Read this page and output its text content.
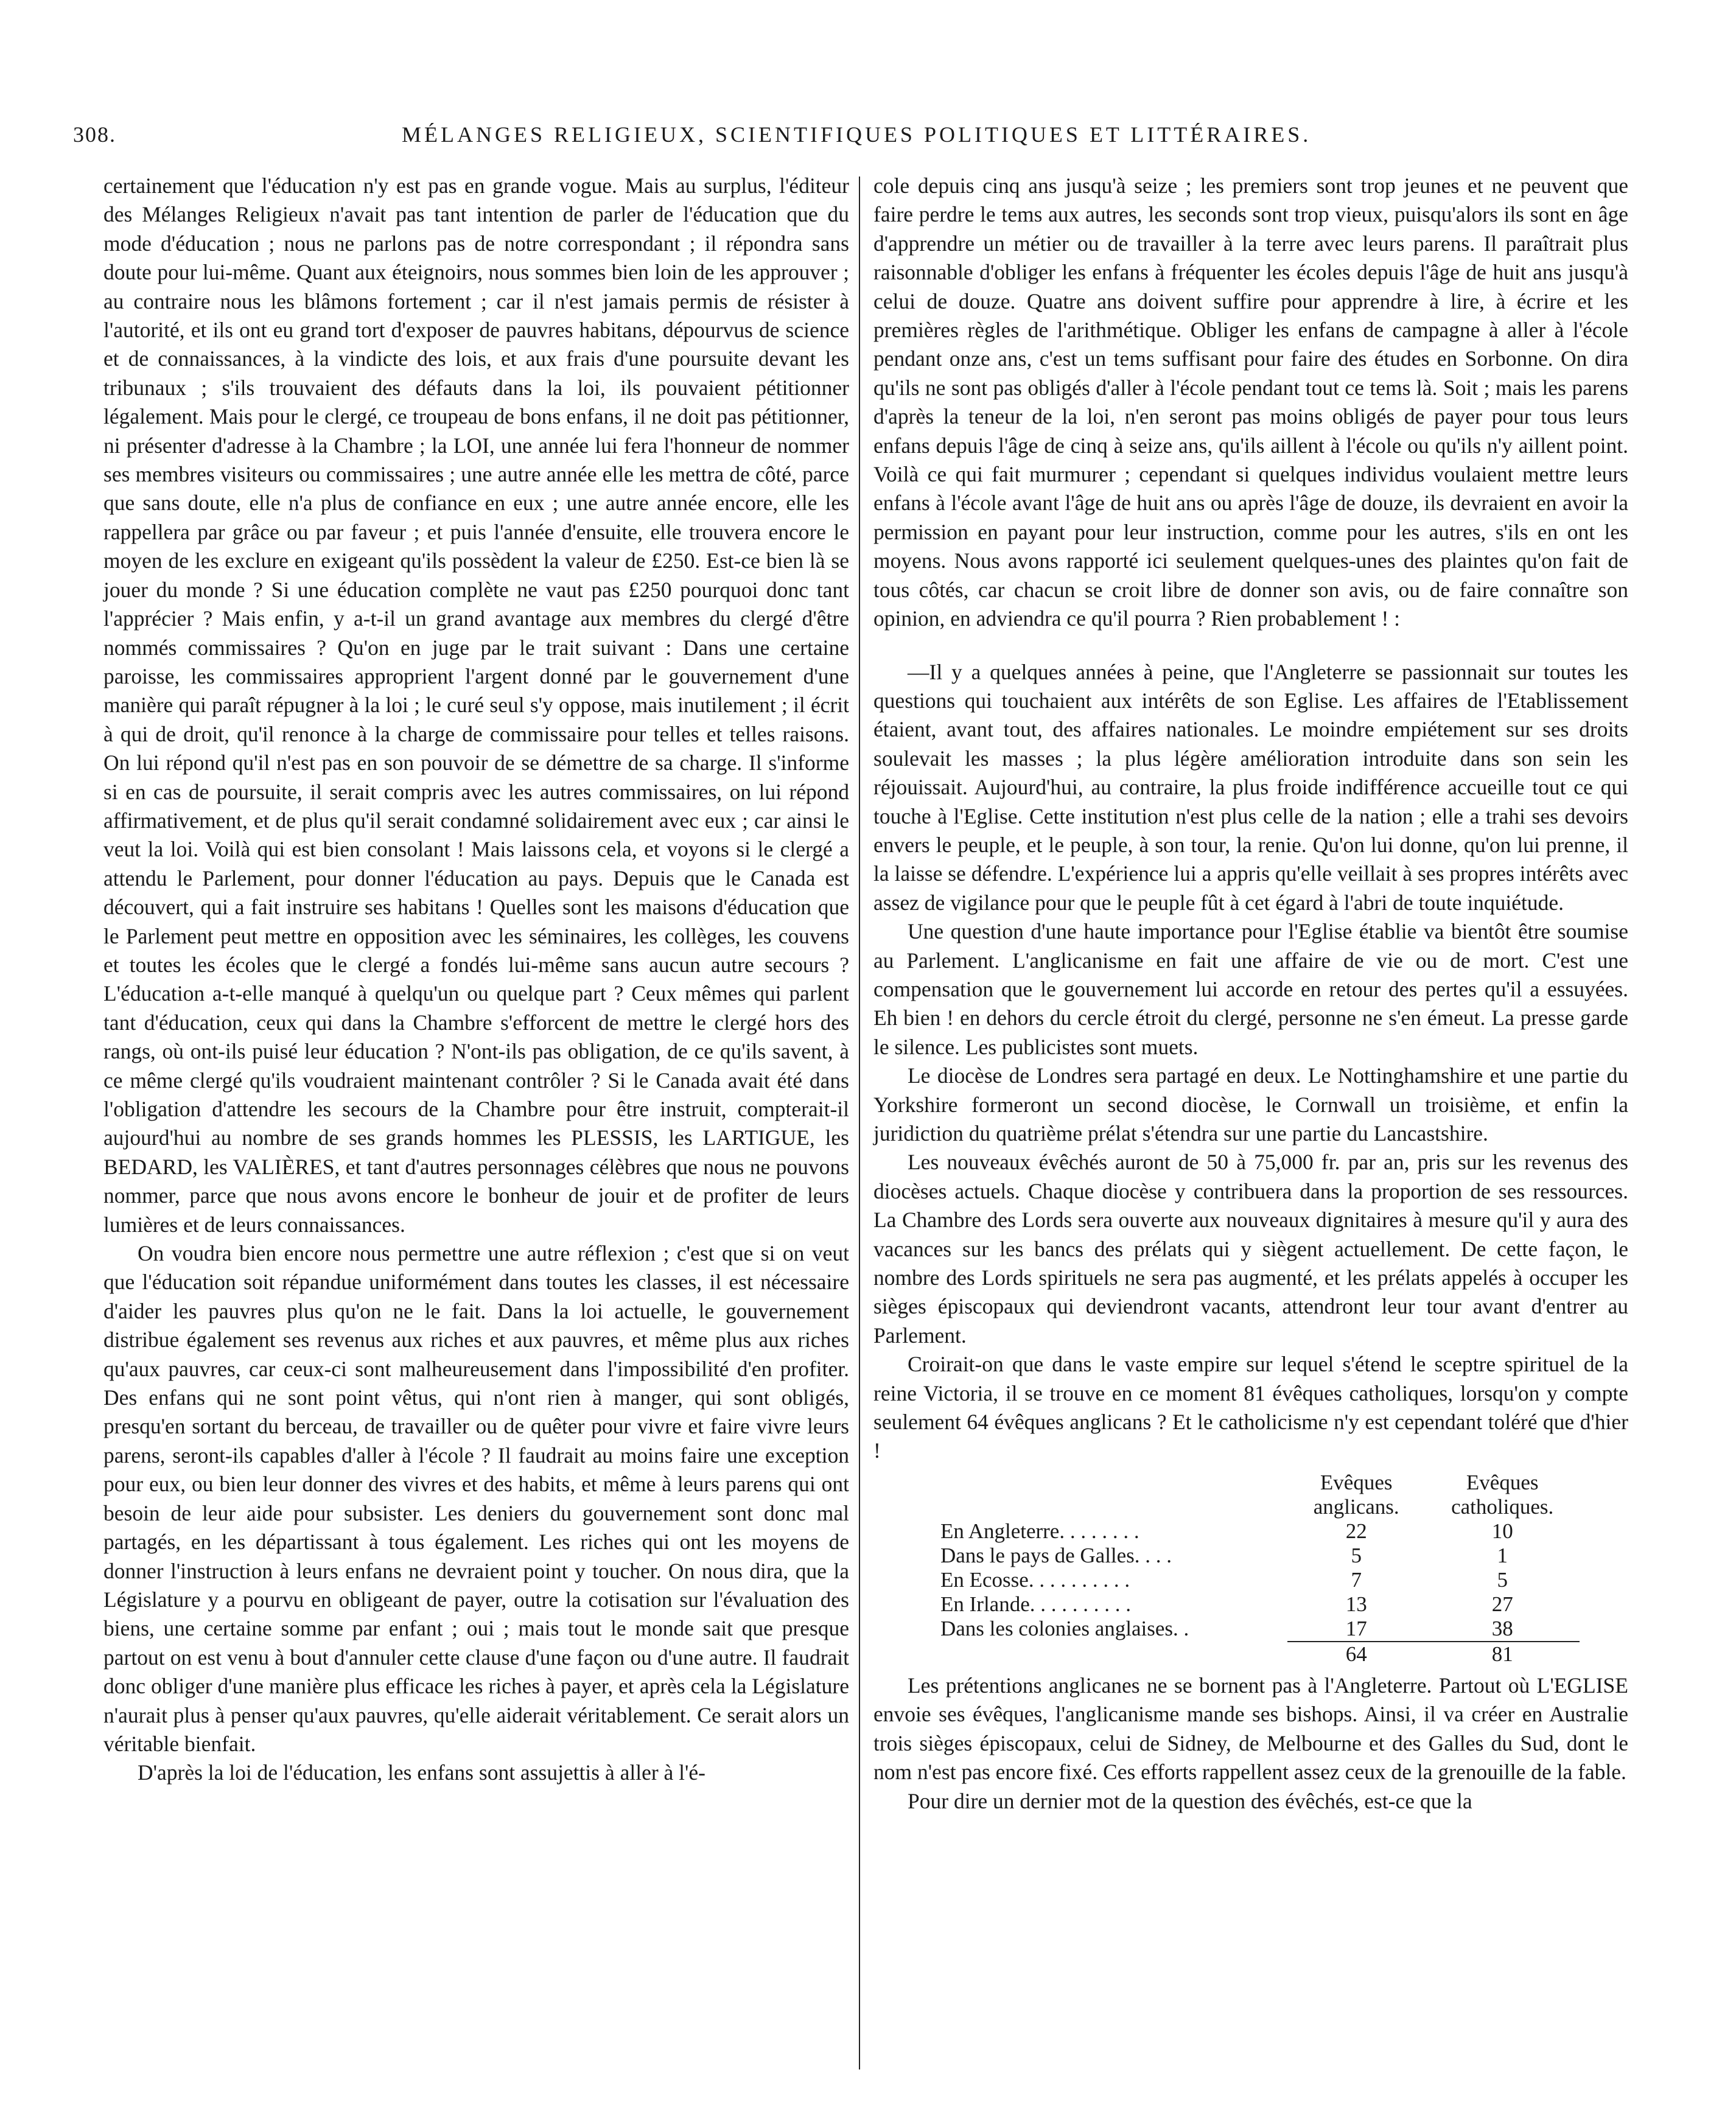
308.	MÉLANGES RELIGIEUX, SCIENTIFIQUES POLITIQUES ET LITTÉRAIRES.

certainement que l'éducation n'y est pas en grande vogue. Mais au surplus, l'éditeur des Mélanges Religieux n'avait pas tant intention de parler de l'éducation que du mode d'éducation ; nous ne parlons pas de notre correspondant ; il répondra sans doute pour lui-même. Quant aux éteignoirs, nous sommes bien loin de les approuver ; au contraire nous les blâmons fortement ; car il n'est jamais permis de résister à l'autorité, et ils ont eu grand tort d'exposer de pauvres habitans, dépourvus de science et de connaissances, à la vindicte des lois, et aux frais d'une poursuite devant les tribunaux ; s'ils trouvaient des défauts dans la loi, ils pouvaient pétitionner légalement. Mais pour le clergé, ce troupeau de bons enfans, il ne doit pas pétitionner, ni présenter d'adresse à la Chambre ; la LOI, une année lui fera l'honneur de nommer ses membres visiteurs ou commissaires ; une autre année elle les mettra de côté, parce que sans doute, elle n'a plus de confiance en eux ; une autre année encore, elle les rappellera par grâce ou par faveur ; et puis l'année d'ensuite, elle trouvera encore le moyen de les exclure en exigeant qu'ils possèdent la valeur de £250. Est-ce bien là se jouer du monde ? Si une éducation complète ne vaut pas £250 pourquoi donc tant l'apprécier ? Mais enfin, y a-t-il un grand avantage aux membres du clergé d'être nommés commissaires ? Qu'on en juge par le trait suivant : Dans une certaine paroisse, les commissaires approprient l'argent donné par le gouvernement d'une manière qui paraît répugner à la loi ; le curé seul s'y oppose, mais inutilement ; il écrit à qui de droit, qu'il renonce à la charge de commissaire pour telles et telles raisons. On lui répond qu'il n'est pas en son pouvoir de se démettre de sa charge. Il s'informe si en cas de poursuite, il serait compris avec les autres commissaires, on lui répond affirmativement, et de plus qu'il serait condamné solidairement avec eux ; car ainsi le veut la loi. Voilà qui est bien consolant ! Mais laissons cela, et voyons si le clergé a attendu le Parlement, pour donner l'éducation au pays. Depuis que le Canada est découvert, qui a fait instruire ses habitans ! Quelles sont les maisons d'éducation que le Parlement peut mettre en opposition avec les séminaires, les collèges, les couvens et toutes les écoles que le clergé a fondés lui-même sans aucun autre secours ? L'éducation a-t-elle manqué à quelqu'un ou quelque part ? Ceux mêmes qui parlent tant d'éducation, ceux qui dans la Chambre s'efforcent de mettre le clergé hors des rangs, où ont-ils puisé leur éducation ? N'ont-ils pas obligation, de ce qu'ils savent, à ce même clergé qu'ils voudraient maintenant contrôler ? Si le Canada avait été dans l'obligation d'attendre les secours de la Chambre pour être instruit, compterait-il aujourd'hui au nombre de ses grands hommes les PLESSIS, les LARTIGUE, les BEDARD, les VALIÈRES, et tant d'autres personnages célèbres que nous ne pouvons nommer, parce que nous avons encore le bonheur de jouir et de profiter de leurs lumières et de leurs connaissances.

On voudra bien encore nous permettre une autre réflexion ; c'est que si on veut que l'éducation soit répandue uniformément dans toutes les classes, il est nécessaire d'aider les pauvres plus qu'on ne le fait. Dans la loi actuelle, le gouvernement distribue également ses revenus aux riches et aux pauvres, et même plus aux riches qu'aux pauvres, car ceux-ci sont malheureusement dans l'impossibilité d'en profiter. Des enfans qui ne sont point vêtus, qui n'ont rien à manger, qui sont obligés, presqu'en sortant du berceau, de travailler ou de quêter pour vivre et faire vivre leurs parens, seront-ils capables d'aller à l'école ? Il faudrait au moins faire une exception pour eux, ou bien leur donner des vivres et des habits, et même à leurs parens qui ont besoin de leur aide pour subsister. Les deniers du gouvernement sont donc mal partagés, en les départissant à tous également. Les riches qui ont les moyens de donner l'instruction à leurs enfans ne devraient point y toucher. On nous dira, que la Législature y a pourvu en obligeant de payer, outre la cotisation sur l'évaluation des biens, une certaine somme par enfant ; oui ; mais tout le monde sait que presque partout on est venu à bout d'annuler cette clause d'une façon ou d'une autre. Il faudrait donc obliger d'une manière plus efficace les riches à payer, et après cela la Législature n'aurait plus à penser qu'aux pauvres, qu'elle aiderait véritablement. Ce serait alors un véritable bienfait.

D'après la loi de l'éducation, les enfans sont assujettis à aller à l'é-

cole depuis cinq ans jusqu'à seize ; les premiers sont trop jeunes et ne peuvent que faire perdre le tems aux autres, les seconds sont trop vieux, puisqu'alors ils sont en âge d'apprendre un métier ou de travailler à la terre avec leurs parens. Il paraîtrait plus raisonnable d'obliger les enfans à fréquenter les écoles depuis l'âge de huit ans jusqu'à celui de douze. Quatre ans doivent suffire pour apprendre à lire, à écrire et les premières règles de l'arithmétique. Obliger les enfans de campagne à aller à l'école pendant onze ans, c'est un tems suffisant pour faire des études en Sorbonne. On dira qu'ils ne sont pas obligés d'aller à l'école pendant tout ce tems là. Soit ; mais les parens d'après la teneur de la loi, n'en seront pas moins obligés de payer pour tous leurs enfans depuis l'âge de cinq à seize ans, qu'ils aillent à l'école ou qu'ils n'y aillent point. Voilà ce qui fait murmurer ; cependant si quelques individus voulaient mettre leurs enfans à l'école avant l'âge de huit ans ou après l'âge de douze, ils devraient en avoir la permission en payant pour leur instruction, comme pour les autres, s'ils en ont les moyens. Nous avons rapporté ici seulement quelques-unes des plaintes qu'on fait de tous côtés, car chacun se croit libre de donner son avis, ou de faire connaître son opinion, en adviendra ce qu'il pourra ? Rien probablement ! :

—Il y a quelques années à peine, que l'Angleterre se passionnait sur toutes les questions qui touchaient aux intérêts de son Eglise. Les affaires de l'Etablissement étaient, avant tout, des affaires nationales. Le moindre empiétement sur ses droits soulevait les masses ; la plus légère amélioration introduite dans son sein les réjouissait. Aujourd'hui, au contraire, la plus froide indifférence accueille tout ce qui touche à l'Eglise. Cette institution n'est plus celle de la nation ; elle a trahi ses devoirs envers le peuple, et le peuple, à son tour, la renie. Qu'on lui donne, qu'on lui prenne, il la laisse se défendre. L'expérience lui a appris qu'elle veillait à ses propres intérêts avec assez de vigilance pour que le peuple fût à cet égard à l'abri de toute inquiétude.

Une question d'une haute importance pour l'Eglise établie va bientôt être soumise au Parlement. L'anglicanisme en fait une affaire de vie ou de mort. C'est une compensation que le gouvernement lui accorde en retour des pertes qu'il a essuyées. Eh bien ! en dehors du cercle étroit du clergé, personne ne s'en émeut. La presse garde le silence. Les publicistes sont muets.

Le diocèse de Londres sera partagé en deux. Le Nottinghamshire et une partie du Yorkshire formeront un second diocèse, le Cornwall un troisième, et enfin la juridiction du quatrième prélat s'étendra sur une partie du Lancastshire.

Les nouveaux évêchés auront de 50 à 75,000 fr. par an, pris sur les revenus des diocèses actuels. Chaque diocèse y contribuera dans la proportion de ses ressources. La Chambre des Lords sera ouverte aux nouveaux dignitaires à mesure qu'il y aura des vacances sur les bancs des prélats qui y siègent actuellement. De cette façon, le nombre des Lords spirituels ne sera pas augmenté, et les prélats appelés à occuper les sièges épiscopaux qui deviendront vacants, attendront leur tour avant d'entrer au Parlement.

Croirait-on que dans le vaste empire sur lequel s'étend le sceptre spirituel de la reine Victoria, il se trouve en ce moment 81 évêques catholiques, lorsqu'on y compte seulement 64 évêques anglicans ? Et le catholicisme n'y est cependant toléré que d'hier !

	Evêques anglicans.	Evêques catholiques.
En Angleterre. . . . . . . .	22	10
Dans le pays de Galles. . . .	5	1
En Ecosse. . . . . . . . . .	7	5
En Irlande. . . . . . . . . .	13	27
Dans les colonies anglaises. .	17	38
	64	81

Les prétentions anglicanes ne se bornent pas à l'Angleterre. Partout où L'EGLISE envoie ses évêques, l'anglicanisme mande ses bishops. Ainsi, il va créer en Australie trois sièges épiscopaux, celui de Sidney, de Melbourne et des Galles du Sud, dont le nom n'est pas encore fixé. Ces efforts rappellent assez ceux de la grenouille de la fable.

Pour dire un dernier mot de la question des évêchés, est-ce que la
